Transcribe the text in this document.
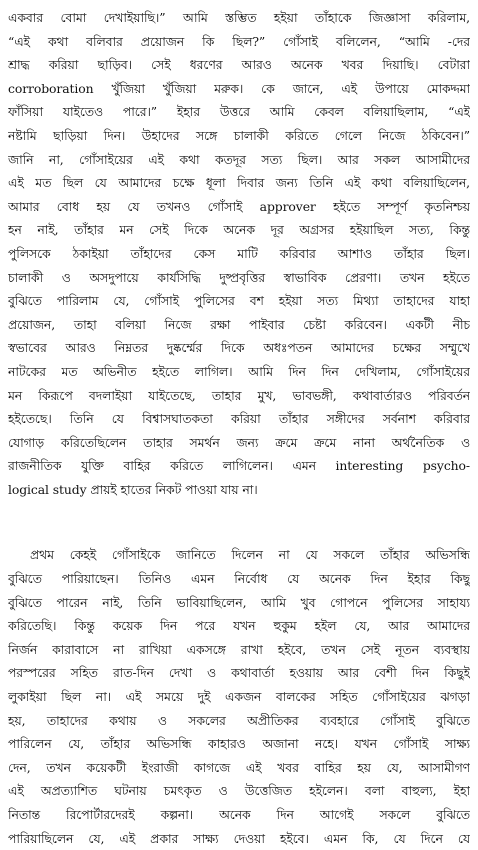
একবার বোমা দেখাইয়াছি।” আমি স্তম্ভিত হইয়া তাঁহাকে জিজ্ঞাসা করিলাম,
“এই কথা বলিবার প্রয়োজন কি ছিল?” গোঁসাই বলিলেন, “আমি -দের
শ্রাদ্ধ করিয়া ছাড়িব। সেই ধরণের আরও অনেক খবর দিয়াছি। বেটারা
corroboration খুঁজিয়া খুঁজিয়া মরুক। কে জানে, এই উপায়ে মোকদ্দমা
ফাঁসিয়া যাইতেও পারে।” ইহার উত্তরে আমি কেবল বলিয়াছিলাম, “এই
নষ্টামি ছাড়িয়া দিন। উহাদের সঙ্গে চালাকী করিতে গেলে নিজে ঠকিবেন।”
জানি না, গোঁসাইয়ের এই কথা কতদূর সত্য ছিল। আর সকল আসামীদের
এই মত ছিল যে আমাদের চক্ষে ধূলা দিবার জন্য তিনি এই কথা বলিয়াছিলেন,
আমার বোধ হয় যে তখনও গোঁসাই approver হইতে সম্পূর্ণ কৃতনিশ্চয়
হন নাই, তাঁহার মন সেই দিকে অনেক দূর অগ্রসর হইয়াছিল সত্য, কিন্তু
পুলিসকে ঠকাইয়া তাঁহাদের কেস মাটি করিবার আশাও তাঁহার ছিল।
চালাকী ও অসদুপায়ে কার্যসিদ্ধি দুষ্প্রবৃত্তির স্বাভাবিক প্রেরণা। তখন হইতে
বুঝিতে পারিলাম যে, গোঁসাই পুলিসের বশ হইয়া সত্য মিথ্যা তাহাদের যাহা
প্রয়োজন, তাহা বলিয়া নিজে রক্ষা পাইবার চেষ্টা করিবেন। একটী নীচ
স্বভাবের আরও নিম্নতর দুষ্কর্ম্মের দিকে অধঃপতন আমাদের চক্ষের সম্মুখে
নাটকের মত অভিনীত হইতে লাগিল। আমি দিন দিন দেখিলাম, গোঁসাইয়ের
মন কিরূপে বদলাইয়া যাইতেছে, তাহার মুখ, ভাবভঙ্গী, কথাবার্তারও পরিবর্তন
হইতেছে। তিনি যে বিশ্বাসঘাতকতা করিয়া তাঁহার সঙ্গীদের সর্বনাশ করিবার
যোগাড় করিতেছিলেন তাহার সমর্থন জন্য ক্রমে ক্রমে নানা অর্থনৈতিক ও
রাজনীতিক যুক্তি বাহির করিতে লাগিলেন। এমন interesting psycho-
logical study প্রায়ই হাতের নিকট পাওয়া যায় না।
প্রথম কেহই গোঁসাইকে জানিতে দিলেন না যে সকলে তাঁহার অভিসন্ধি
বুঝিতে পারিয়াছেন। তিনিও এমন নির্বোধ যে অনেক দিন ইহার কিছু
বুঝিতে পারেন নাই, তিনি ভাবিয়াছিলেন, আমি খুব গোপনে পুলিসের সাহায্য
করিতেছি। কিন্তু কয়েক দিন পরে যখন হুকুম হইল যে, আর আমাদের
নির্জন কারাবাসে না রাখিয়া একসঙ্গে রাখা হইবে, তখন সেই নূতন ব্যবস্থায়
পরস্পরের সহিত রাত-দিন দেখা ও কথাবার্তা হওয়ায় আর বেশী দিন কিছুই
লুকাইয়া ছিল না। এই সময়ে দুই একজন বালকের সহিত গোঁসাইয়ের ঝগড়া
হয়, তাহাদের কথায় ও সকলের অপ্রীতিকর ব্যবহারে গোঁসাই বুঝিতে
পারিলেন যে, তাঁহার অভিসন্ধি কাহারও অজানা নহে। যখন গোঁসাই সাক্ষ্য
দেন, তখন কয়েকটী ইংরাজী কাগজে এই খবর বাহির হয় যে, আসামীগণ
এই অপ্রত্যাশিত ঘটনায় চমৎকৃত ও উত্তেজিত হইলেন। বলা বাহুল্য, ইহা
নিতান্ত রিপোর্টারদেরই কল্পনা। অনেক দিন আগেই সকলে বুঝিতে
পারিয়াছিলেন যে, এই প্রকার সাক্ষ্য দেওয়া হইবে। এমন কি, যে দিনে যে
